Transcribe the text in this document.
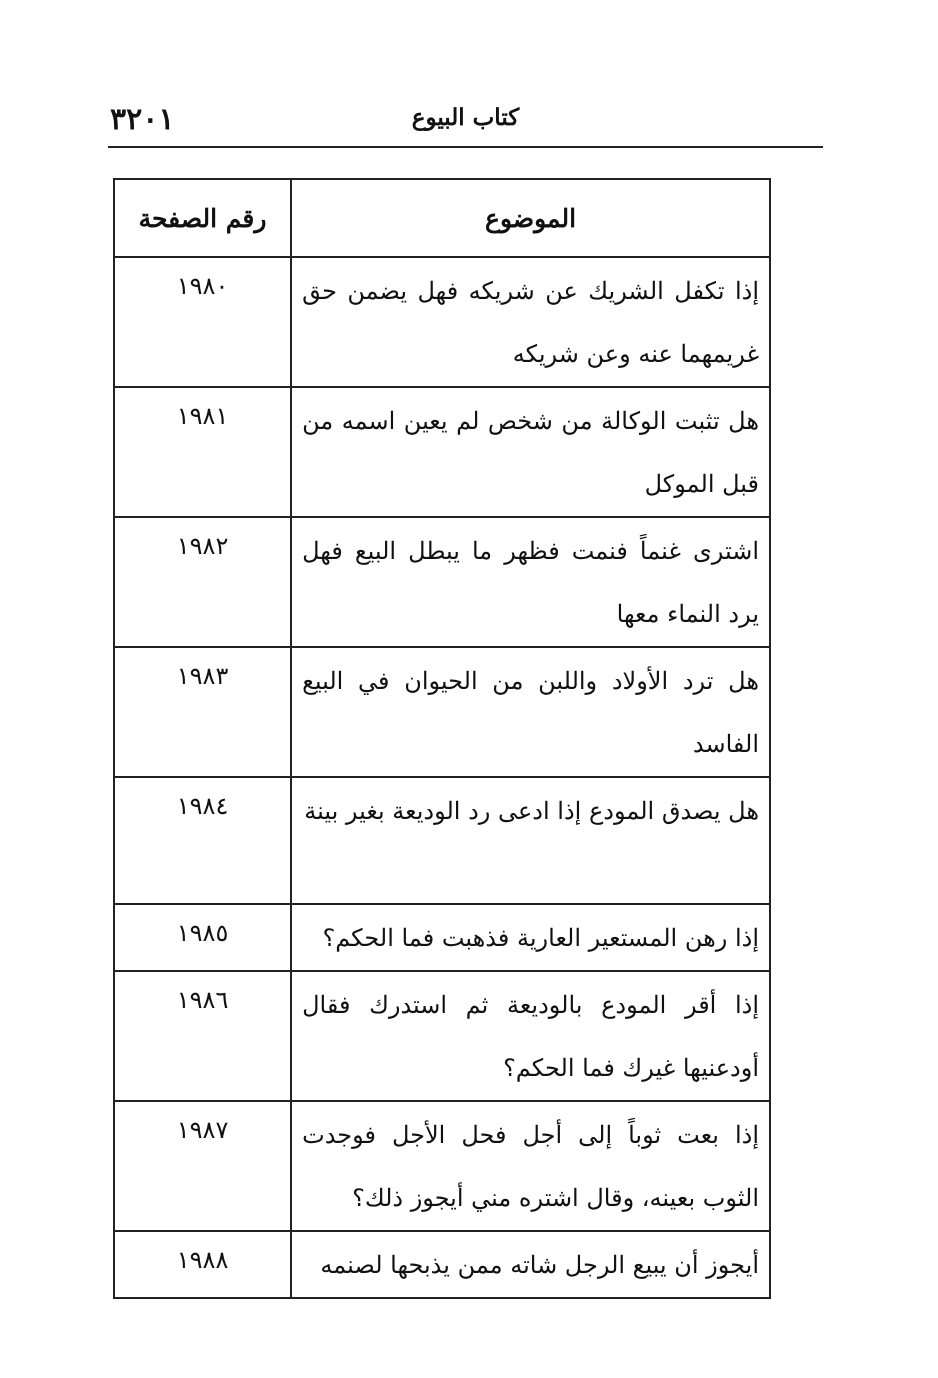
٣٢٠١	كتاب البيوع
الموضوع	رقم الصفحة
إذا تكفل الشريك عن شريكه فهل يضمن حق غريمهما عنه وعن شريكه	١٩٨٠
هل تثبت الوكالة من شخص لم يعين اسمه من قبل الموكل	١٩٨١
اشترى غنماً فنمت فظهر ما يبطل البيع فهل يرد النماء معها	١٩٨٢
هل ترد الأولاد واللبن من الحيوان في البيع الفاسد	١٩٨٣
هل يصدق المودع إذا ادعى رد الوديعة بغير بينة	١٩٨٤
إذا رهن المستعير العارية فذهبت فما الحكم؟	١٩٨٥
إذا أقر المودع بالوديعة ثم استدرك فقال أودعنيها غيرك فما الحكم؟	١٩٨٦
إذا بعت ثوباً إلى أجل فحل الأجل فوجدت الثوب بعينه، وقال اشتره مني أيجوز ذلك؟	١٩٨٧
أيجوز أن يبيع الرجل شاته ممن يذبحها لصنمه	١٩٨٨
